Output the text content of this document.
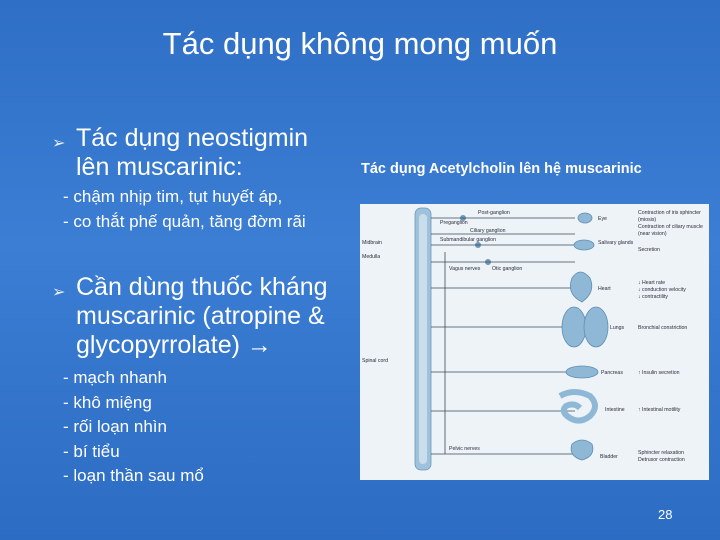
Tác dụng không mong muốn
➢ Tác dụng neostigmin
lên muscarinic:
- chậm nhịp tim, tụt huyết áp,
- co thắt phế quản, tăng đờm rãi
➢ Cần dùng thuốc kháng
muscarinic (atropine &
glycopyrrolate) →
- mạch nhanh
- khô miệng
- rối loạn nhìn
- bí tiểu
- loạn thần sau mổ
Tác dụng Acetylcholin lên hệ muscarinic
Midbrain
Medulla
Spinal cord
Post-ganglion
Preganglion
Ciliary ganglion
Submandibular ganglion
Vagus nerves Otic ganglion
Pelvic nerves
Eye
Salivary glands
Heart
Lungs
Pancreas
Intestine
Bladder
Contraction of iris sphincter
(miosis)
Contraction of ciliary muscle
(near vision)
Secretion
↓ Heart rate
↓ conduction velocity
↓ contractility
Bronchial constriction
↑ Insulin secretion
↑ Intestinal motility
Sphincter relaxation
Detrusor contraction
28
